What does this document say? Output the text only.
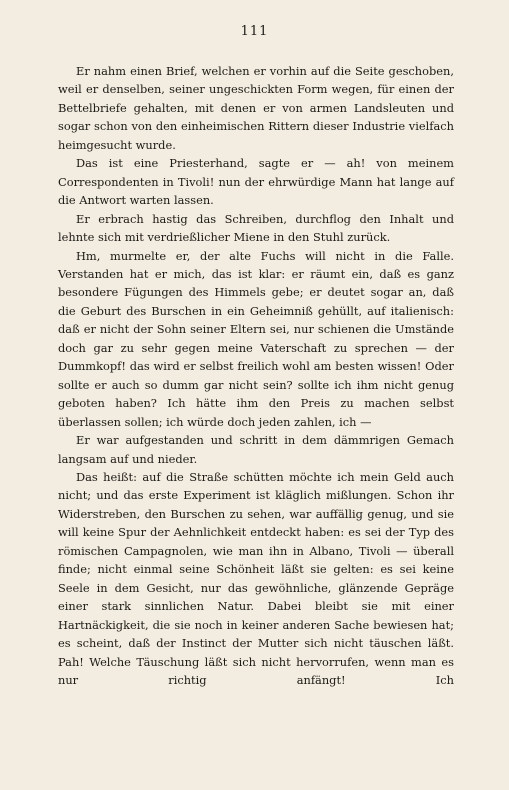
111

Er nahm einen Brief, welchen er vorhin auf die Seite geschoben, weil er denselben, seiner ungeschickten Form wegen, für einen der Bettelbriefe gehalten, mit denen er von armen Landsleuten und sogar schon von den einheimischen Rittern dieser Industrie vielfach heimgesucht wurde.

Das ist eine Priesterhand, sagte er — ah! von meinem Correspondenten in Tivoli! nun der ehrwürdige Mann hat lange auf die Antwort warten lassen.

Er erbrach hastig das Schreiben, durchflog den Inhalt und lehnte sich mit verdrießlicher Miene in den Stuhl zurück.

Hm, murmelte er, der alte Fuchs will nicht in die Falle. Verstanden hat er mich, das ist klar: er räumt ein, daß es ganz besondere Fügungen des Himmels gebe; er deutet sogar an, daß die Geburt des Burschen in ein Geheimniß gehüllt, auf italienisch: daß er nicht der Sohn seiner Eltern sei, nur schienen die Umstände doch gar zu sehr gegen meine Vaterschaft zu sprechen — der Dummkopf! das wird er selbst freilich wohl am besten wissen! Oder sollte er auch so dumm gar nicht sein? sollte ich ihm nicht genug geboten haben? Ich hätte ihm den Preis zu machen selbst überlassen sollen; ich würde doch jeden zahlen, ich —

Er war aufgestanden und schritt in dem dämmrigen Gemach langsam auf und nieder.

Das heißt: auf die Straße schütten möchte ich mein Geld auch nicht; und das erste Experiment ist kläglich mißlungen. Schon ihr Widerstreben, den Burschen zu sehen, war auffällig genug, und sie will keine Spur der Aehnlichkeit entdeckt haben: es sei der Typ des römischen Campagnolen, wie man ihn in Albano, Tivoli — überall finde; nicht einmal seine Schönheit läßt sie gelten: es sei keine Seele in dem Gesicht, nur das gewöhnliche, glänzende Gepräge einer stark sinnlichen Natur. Dabei bleibt sie mit einer Hartnäckigkeit, die sie noch in keiner anderen Sache bewiesen hat; es scheint, daß der Instinct der Mutter sich nicht täuschen läßt. Pah! Welche Täuschung läßt sich nicht hervorrufen, wenn man es nur richtig anfängt! Ich
